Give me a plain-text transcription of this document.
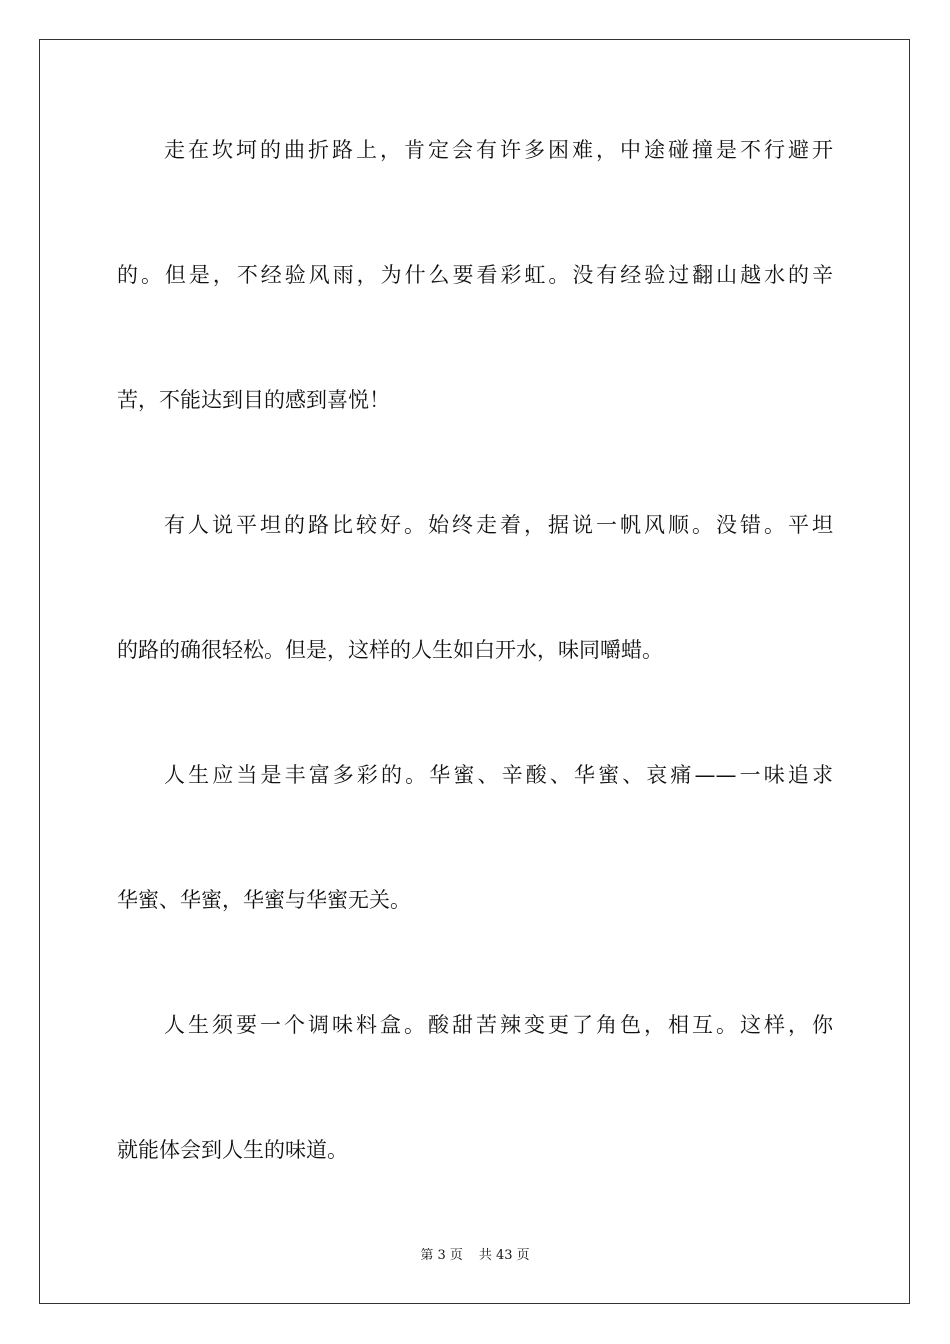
走在坎坷的曲折路上，肯定会有许多困难，中途碰撞是不行避开
的。但是，不经验风雨，为什么要看彩虹。没有经验过翻山越水的辛
苦，不能达到目的感到喜悦！
有人说平坦的路比较好。始终走着，据说一帆风顺。没错。平坦
的路的确很轻松。但是，这样的人生如白开水，味同嚼蜡。
人生应当是丰富多彩的。华蜜、辛酸、华蜜、哀痛——一味追求
华蜜、华蜜，华蜜与华蜜无关。
人生须要一个调味料盒。酸甜苦辣变更了角色，相互。这样，你
就能体会到人生的味道。
第 3 页 共 43 页
